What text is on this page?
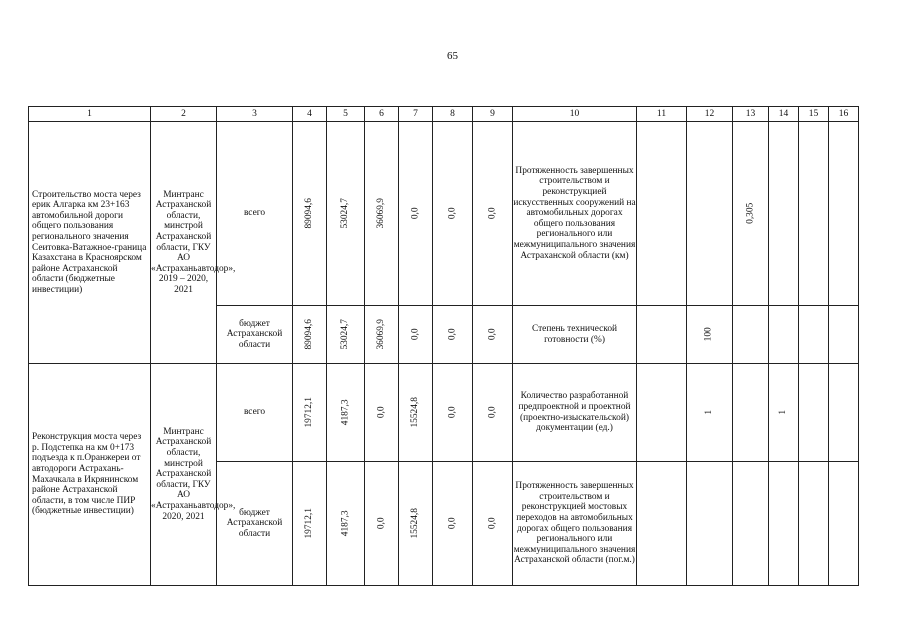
65
1	2	3	4	5	6	7	8	9	10	11	12	13	14	15	16
Строительство моста через ерик Алгарка км 23+163 автомобильной дороги общего пользования регионального значения Сеитовка-Ватажное-граница Казахстана в Красноярском районе Астраханской области (бюджетные инвестиции)	Минтранс Астраханской области, минстрой Астраханской области, ГКУ АО «Астраханьавтодор», 2019 – 2020, 2021	всего	89094,6	53024,7	36069,9	0,0	0,0	0,0	Протяженность завершенных строительством и реконструкцией искусственных сооружений на автомобильных дорогах общего пользования регионального или межмуниципального значения Астраханской области (км)			0,305			
		бюджет Астраханской области	89094,6	53024,7	36069,9	0,0	0,0	0,0	Степень технической готовности (%)		100				
Реконструкция моста через р. Подстепка на км 0+173 подъезда к п.Оранжереи от автодороги Астрахань-Махачкала в Икрянинском районе Астраханской области, в том числе ПИР (бюджетные инвестиции)	Минтранс Астраханской области, минстрой Астраханской области, ГКУ АО «Астраханьавтодор», 2020, 2021	всего	19712,1	4187,3	0,0	15524,8	0,0	0,0	Количество разработанной предпроектной и проектной (проектно-изыскательской) документации (ед.)		1		1		
		бюджет Астраханской области	19712,1	4187,3	0,0	15524,8	0,0	0,0	Протяженность завершенных строительством и реконструкцией мостовых переходов на автомобильных дорогах общего пользования регионального или межмуниципального значения Астраханской области (пог.м.)						
